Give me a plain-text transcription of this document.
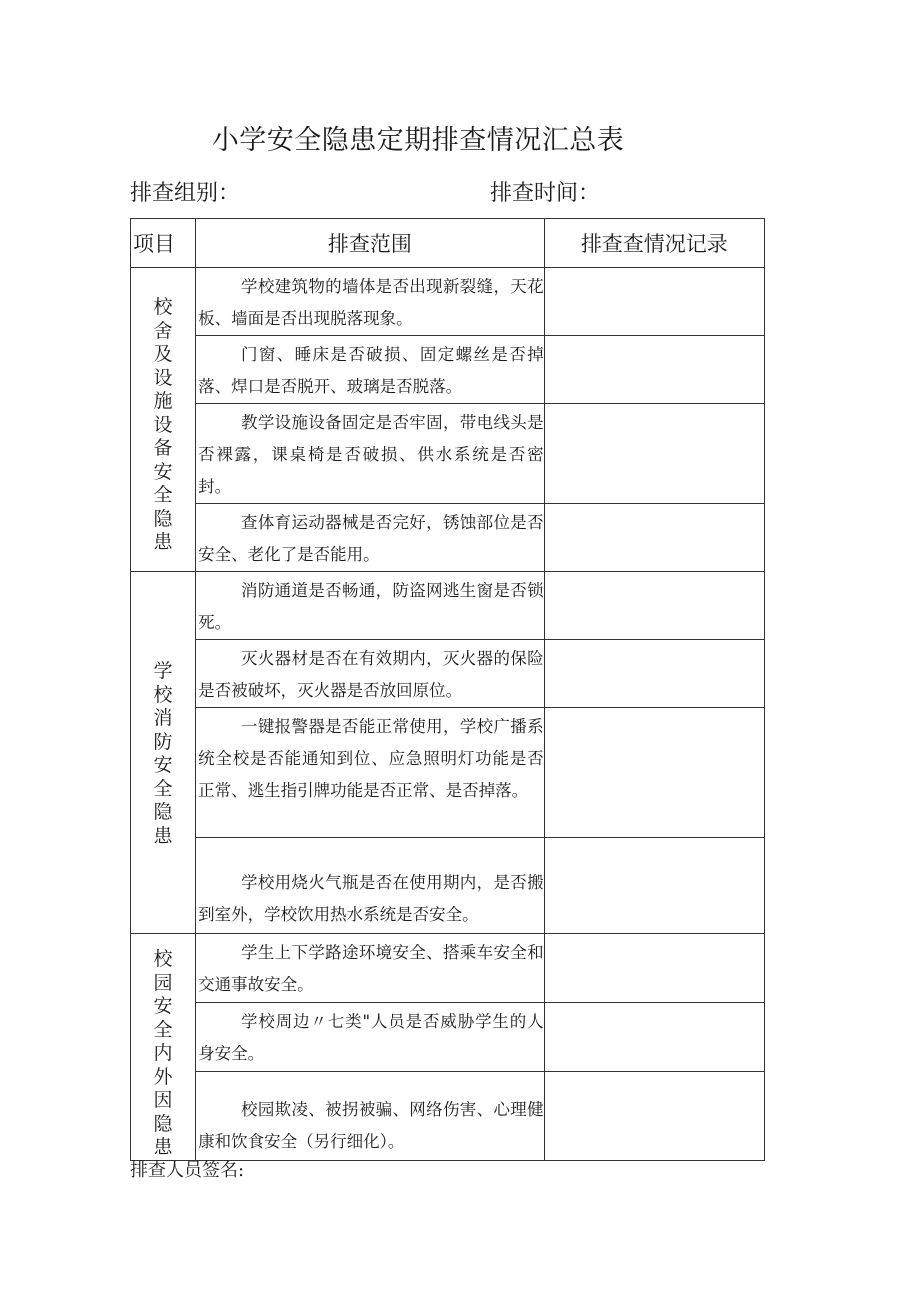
小学安全隐患定期排查情况汇总表
排查组别：	排查时间：
项目	排查范围	排查查情况记录
校舍及设施设备安全隐患	学校建筑物的墙体是否出现新裂缝，天花板、墙面是否出现脱落现象。	

	门窗、睡床是否破损、固定螺丝是否掉落、焊口是否脱开、玻璃是否脱落。	

	教学设施设备固定是否牢固，带电线头是否裸露，课桌椅是否破损、供水系统是否密封。	

	查体育运动器械是否完好，锈蚀部位是否安全、老化了是否能用。	

学校消防安全隐患	消防通道是否畅通，防盗网逃生窗是否锁死。	

	灭火器材是否在有效期内，灭火器的保险是否被破坏，灭火器是否放回原位。	

	一键报警器是否能正常使用，学校广播系统全校是否能通知到位、应急照明灯功能是否正常、逃生指引牌功能是否正常、是否掉落。	

	学校用烧火气瓶是否在使用期内，是否搬到室外，学校饮用热水系统是否安全。	

校园安全内外因隐患	学生上下学路途环境安全、搭乘车安全和交通事故安全。	

	学校周边〃七类"人员是否威胁学生的人身安全。	

	校园欺凌、被拐被骗、网络伤害、心理健康和饮食安全（另行细化）。	

排查人员签名:
